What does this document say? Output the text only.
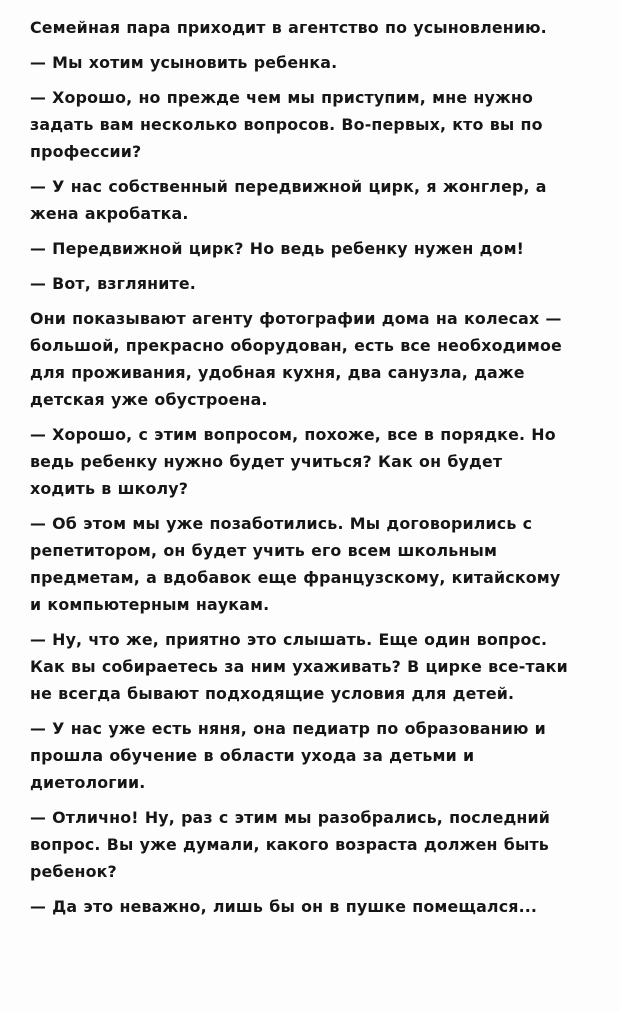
Семейная пара приходит в агентство по усыновлению.

— Мы хотим усыновить ребенка.

— Хорошо, но прежде чем мы приступим, мне нужно задать вам несколько вопросов. Во-первых, кто вы по профессии?

— У нас собственный передвижной цирк, я жонглер, а жена акробатка.

— Передвижной цирк? Но ведь ребенку нужен дом!

— Вот, взгляните.

Они показывают агенту фотографии дома на колесах — большой, прекрасно оборудован, есть все необходимое для проживания, удобная кухня, два санузла, даже детская уже обустроена.

— Хорошо, с этим вопросом, похоже, все в порядке. Но ведь ребенку нужно будет учиться? Как он будет ходить в школу?

— Об этом мы уже позаботились. Мы договорились с репетитором, он будет учить его всем школьным предметам, а вдобавок еще французскому, китайскому и компьютерным наукам.

— Ну, что же, приятно это слышать. Еще один вопрос. Как вы собираетесь за ним ухаживать? В цирке все-таки не всегда бывают подходящие условия для детей.

— У нас уже есть няня, она педиатр по образованию и прошла обучение в области ухода за детьми и диетологии.

— Отлично! Ну, раз с этим мы разобрались, последний вопрос. Вы уже думали, какого возраста должен быть ребенок?

— Да это неважно, лишь бы он в пушке помещался...
